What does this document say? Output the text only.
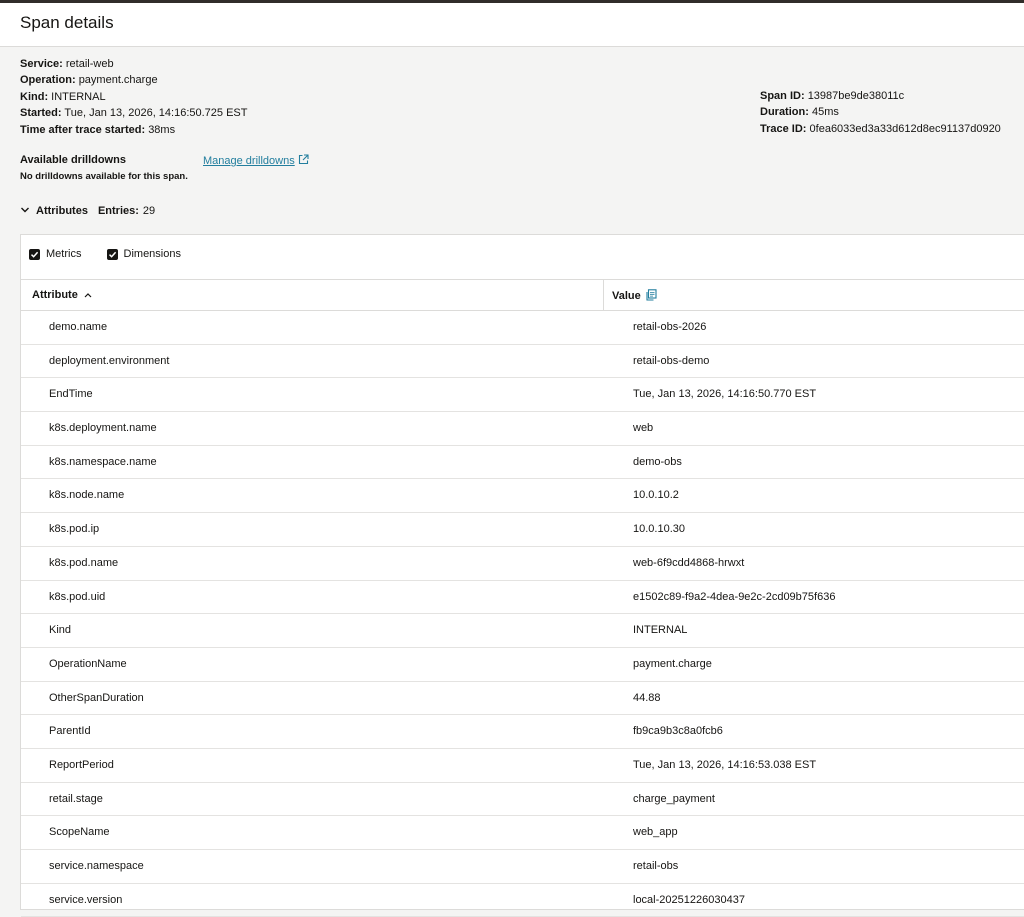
Span details
Service: retail-web
Operation: payment.charge
Kind: INTERNAL
Started: Tue, Jan 13, 2026, 14:16:50.725 EST
Time after trace started: 38ms
Span ID: 13987be9de38011c
Duration: 45ms
Trace ID: 0fea6033ed3a33d612d8ec91137d0920
Available drilldowns
No drilldowns available for this span.
Manage drilldowns
Attributes Entries: 29
Metrics
	Dimensions
Attribute	Value
demo.name	retail-obs-2026
deployment.environment	retail-obs-demo
EndTime	Tue, Jan 13, 2026, 14:16:50.770 EST
k8s.deployment.name	web
k8s.namespace.name	demo-obs
k8s.node.name	10.0.10.2
k8s.pod.ip	10.0.10.30
k8s.pod.name	web-6f9cdd4868-hrwxt
k8s.pod.uid	e1502c89-f9a2-4dea-9e2c-2cd09b75f636
Kind	INTERNAL
OperationName	payment.charge
OtherSpanDuration	44.88
ParentId	fb9ca9b3c8a0fcb6
ReportPeriod	Tue, Jan 13, 2026, 14:16:53.038 EST
retail.stage	charge_payment
ScopeName	web_app
service.namespace	retail-obs
service.version	local-20251226030437
